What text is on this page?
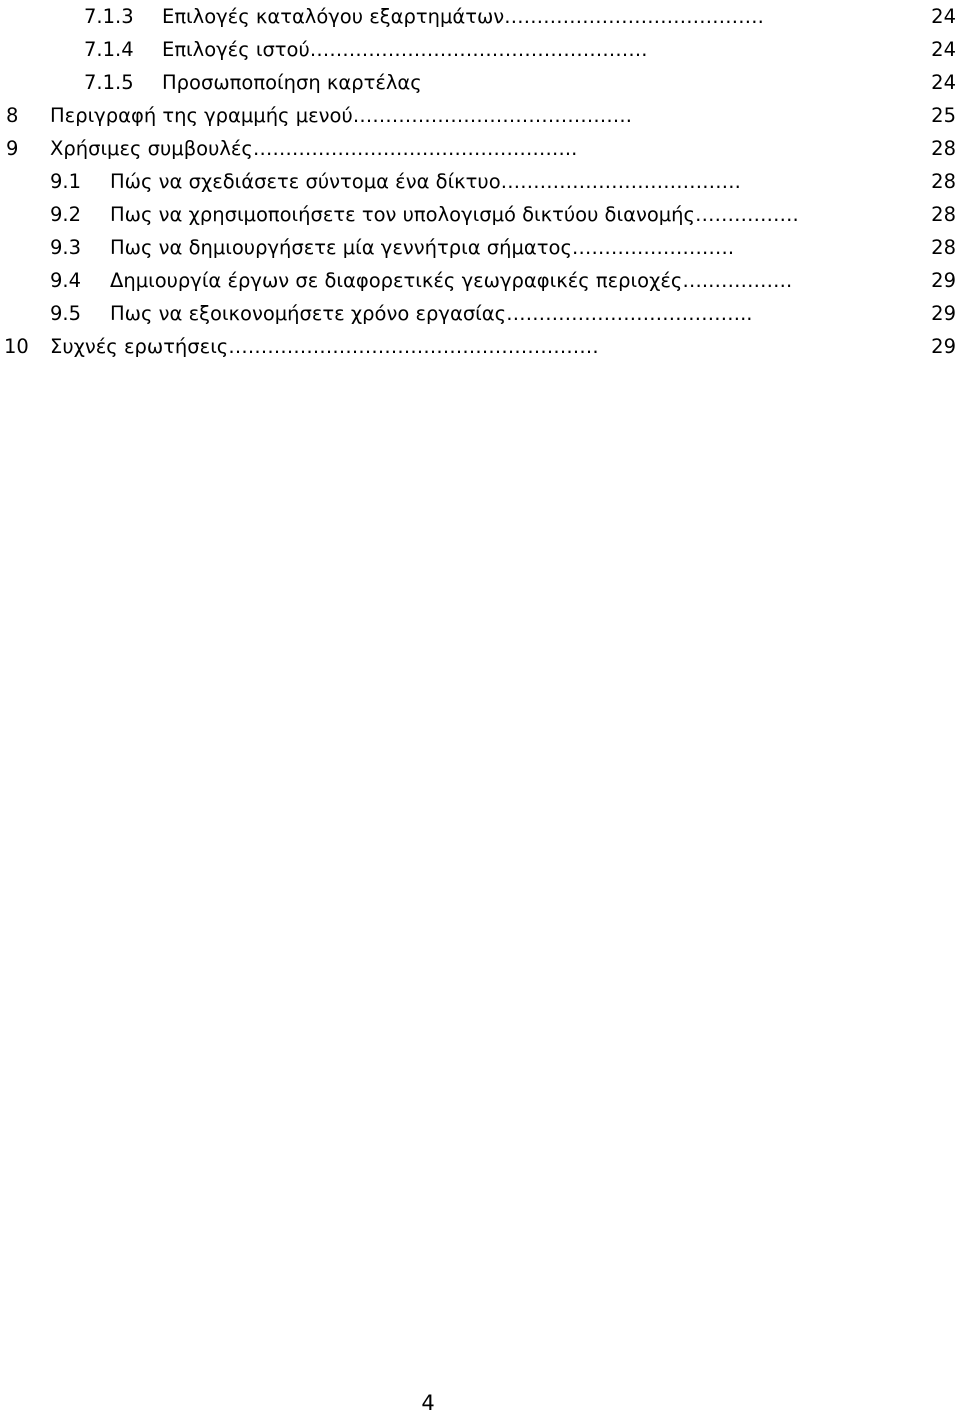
7.1.3 Επιλογές καταλόγου εξαρτημάτων………………………………….	24
7.1.4 Επιλογές ιστού…………………………………………….	24
7.1.5 Προσωποποίηση καρτέλας	24
8 Περιγραφή της γραμμής μενού…………………………………….	25
9 Χρήσιμες συμβουλές…………………………………………..	28
9.1 Πώς να σχεδιάσετε σύντομα ένα δίκτυο……………………………….	28
9.2 Πως να χρησιμοποιήσετε τον υπολογισμό δικτύου διανομής…………….	28
9.3 Πως να δημιουργήσετε μία γεννήτρια σήματος…………………….	28
9.4 Δημιουργία έργων σε διαφορετικές γεωγραφικές περιοχές….………….	29
9.5 Πως να εξοικονομήσετε χρόνο εργασίας………………………………..	29
10 Συχνές ερωτήσεις…………………………………………………	29
4
